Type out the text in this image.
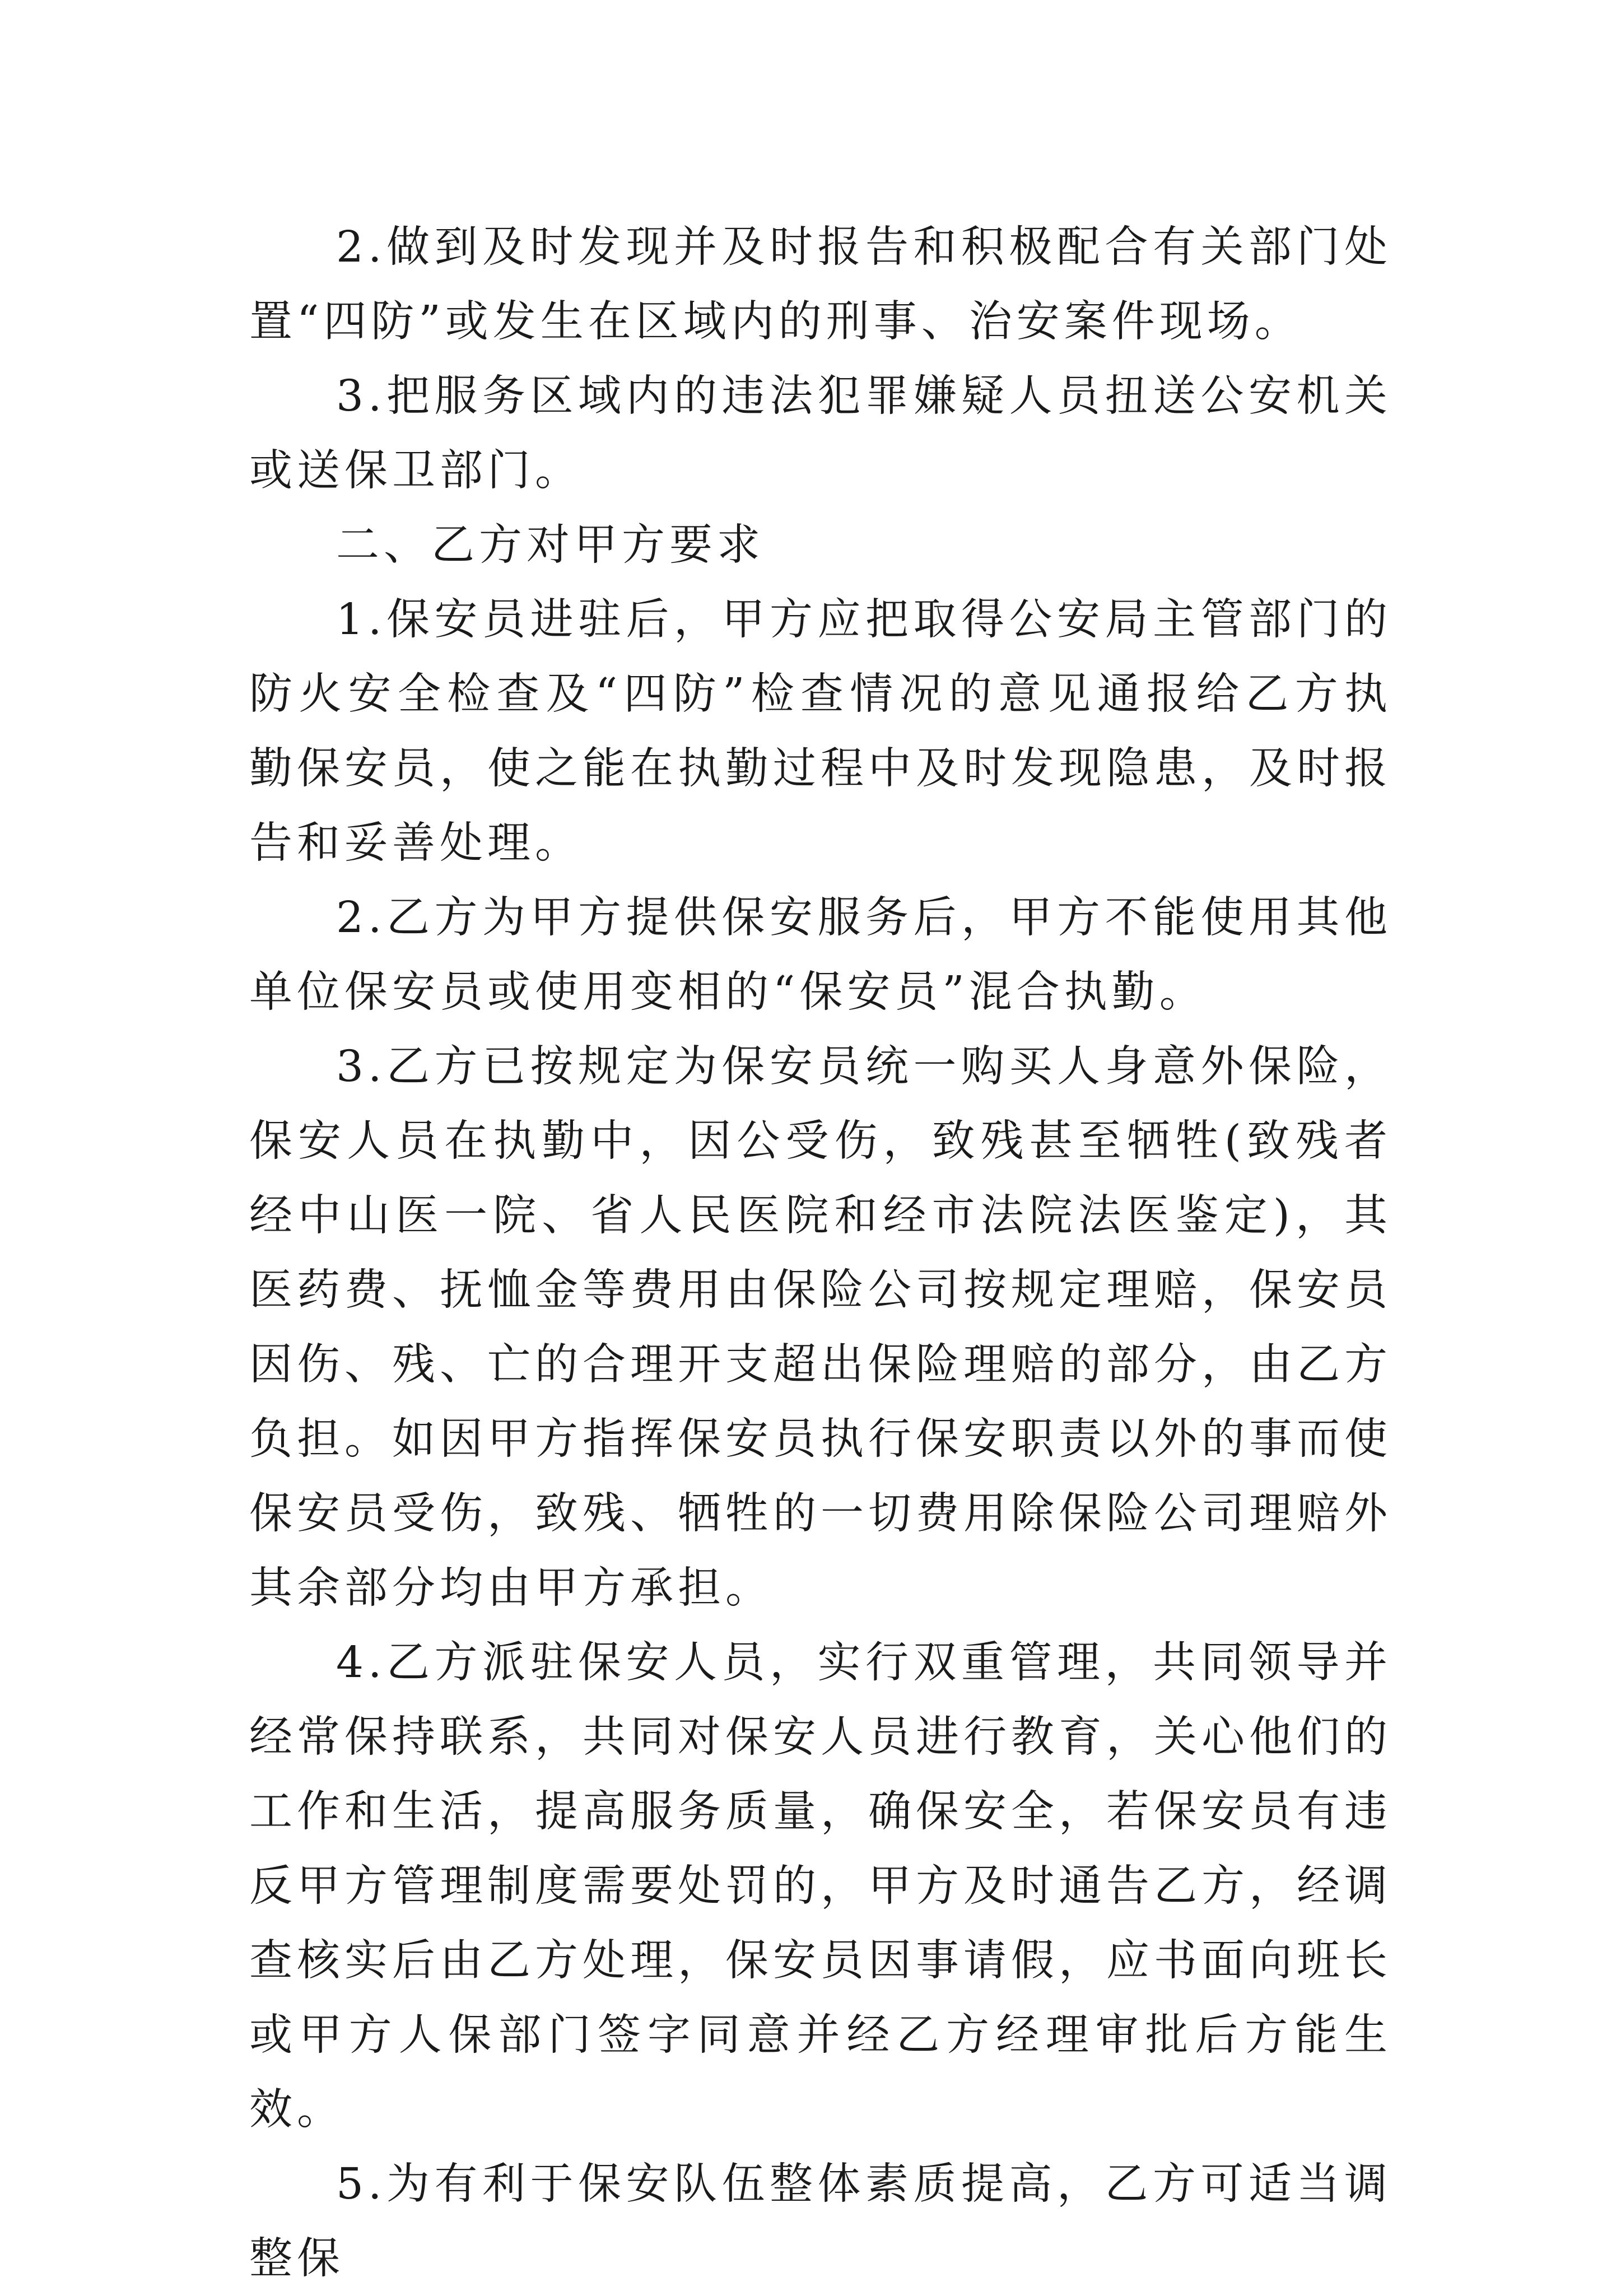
2.做到及时发现并及时报告和积极配合有关部门处置“四防”或发生在区域内的刑事、治安案件现场。

3.把服务区域内的违法犯罪嫌疑人员扭送公安机关或送保卫部门。

二、乙方对甲方要求

1.保安员进驻后，甲方应把取得公安局主管部门的防火安全检查及“四防”检查情况的意见通报给乙方执勤保安员，使之能在执勤过程中及时发现隐患，及时报告和妥善处理。

2.乙方为甲方提供保安服务后，甲方不能使用其他单位保安员或使用变相的“保安员”混合执勤。

3.乙方已按规定为保安员统一购买人身意外保险，保安人员在执勤中，因公受伤，致残甚至牺牲(致残者经中山医一院、省人民医院和经市法院法医鉴定)，其医药费、抚恤金等费用由保险公司按规定理赔，保安员因伤、残、亡的合理开支超出保险理赔的部分，由乙方负担。如因甲方指挥保安员执行保安职责以外的事而使保安员受伤，致残、牺牲的一切费用除保险公司理赔外其余部分均由甲方承担。

4.乙方派驻保安人员，实行双重管理，共同领导并经常保持联系，共同对保安人员进行教育，关心他们的工作和生活，提高服务质量，确保安全，若保安员有违反甲方管理制度需要处罚的，甲方及时通告乙方，经调查核实后由乙方处理，保安员因事请假，应书面向班长或甲方人保部门签字同意并经乙方经理审批后方能生效。

5.为有利于保安队伍整体素质提高，乙方可适当调整保
